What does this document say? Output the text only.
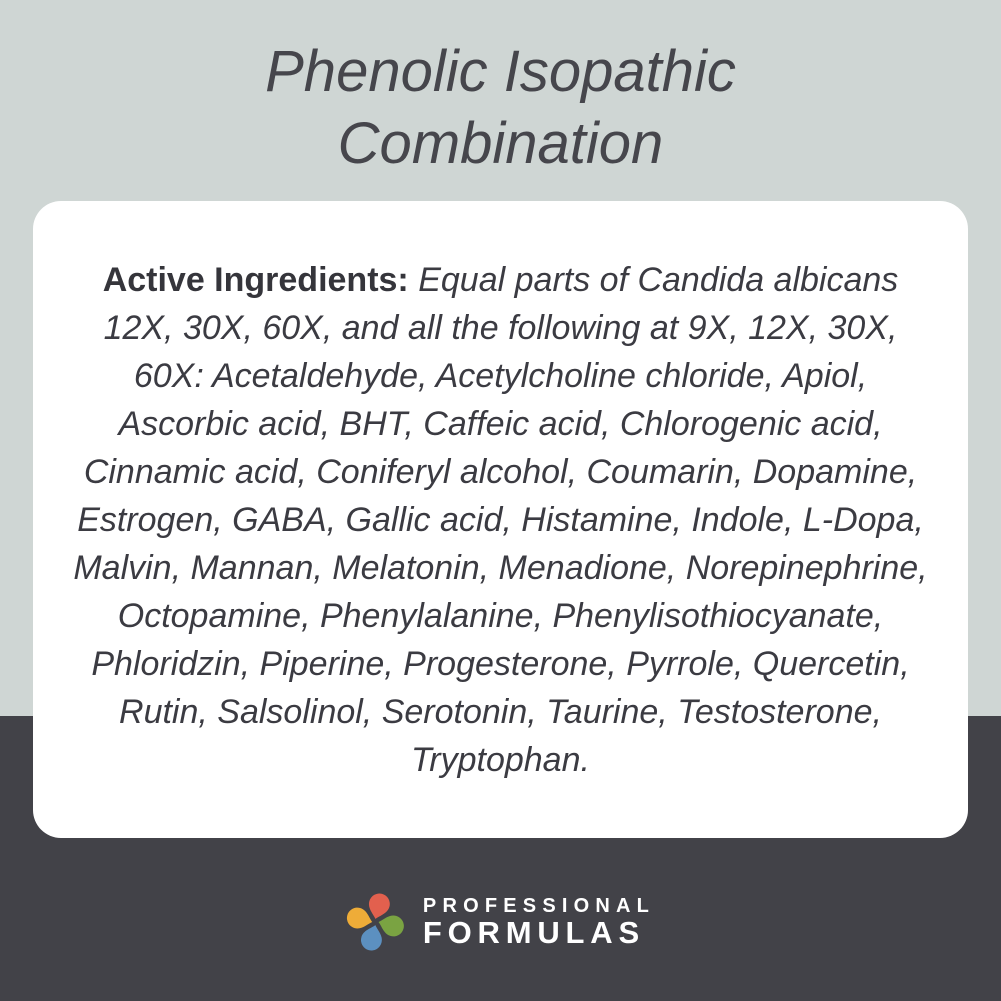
Phenolic Isopathic
Combination

Active Ingredients: Equal parts of Candida albicans 12X, 30X, 60X, and all the following at 9X, 12X, 30X, 60X: Acetaldehyde, Acetylcholine chloride, Apiol, Ascorbic acid, BHT, Caffeic acid, Chlorogenic acid, Cinnamic acid, Coniferyl alcohol, Coumarin, Dopamine, Estrogen, GABA, Gallic acid, Histamine, Indole, L-Dopa, Malvin, Mannan, Melatonin, Menadione, Norepinephrine, Octopamine, Phenylalanine, Phenylisothiocyanate, Phloridzin, Piperine, Progesterone, Pyrrole, Quercetin, Rutin, Salsolinol, Serotonin, Taurine, Testosterone, Tryptophan.

PROFESSIONAL
FORMULAS
